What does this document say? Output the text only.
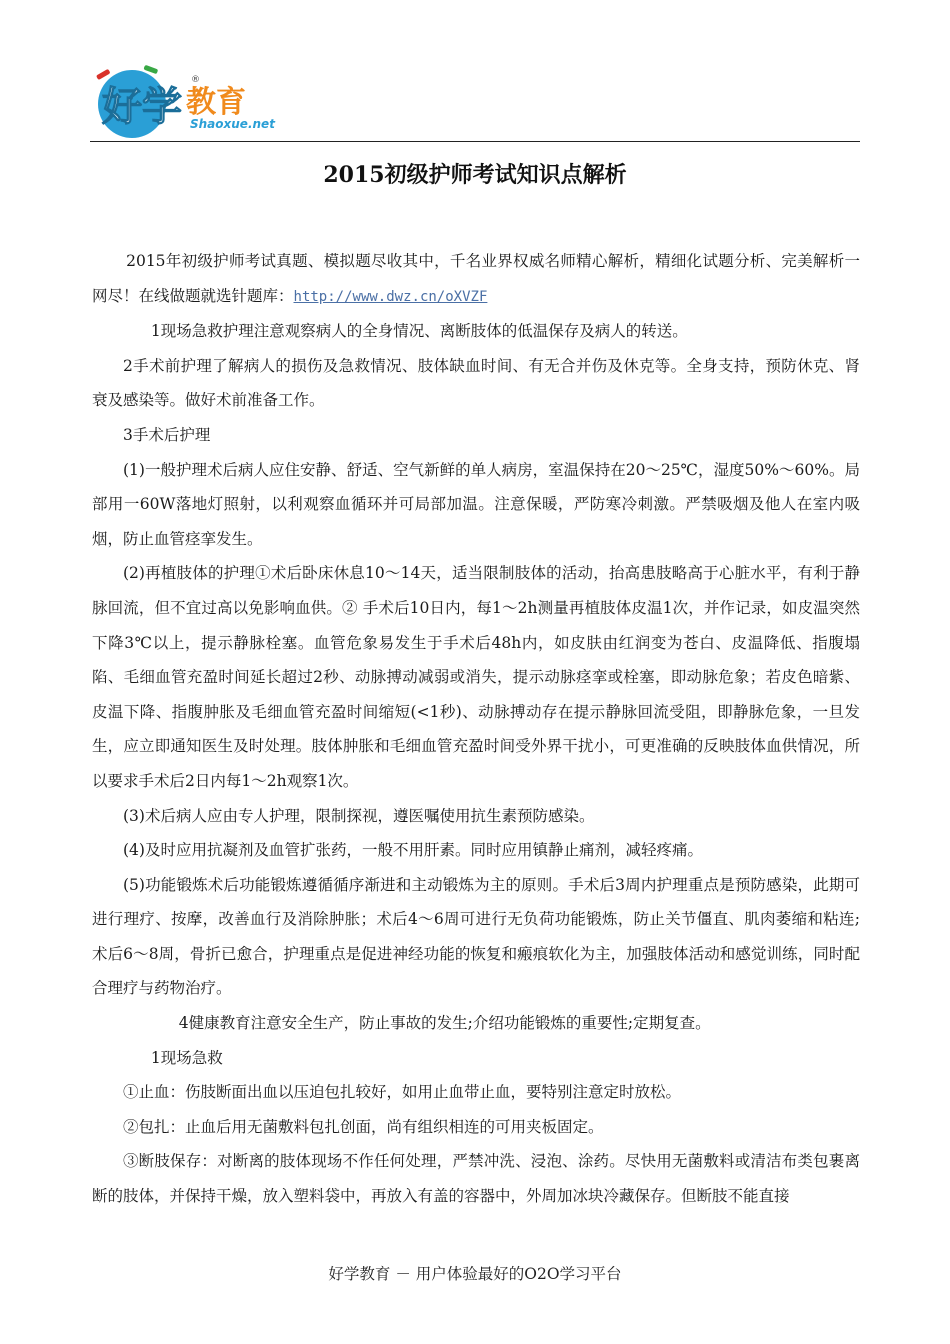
好学 教育
®
Shaoxue.net
2015初级护师考试知识点解析

2015年初级护师考试真题、模拟题尽收其中，千名业界权威名师精心解析，精细化试题分析、完美解析一网尽！在线做题就选针题库：http://www.dwz.cn/oXVZF

1现场急救护理注意观察病人的全身情况、离断肢体的低温保存及病人的转送。

2手术前护理了解病人的损伤及急救情况、肢体缺血时间、有无合并伤及休克等。全身支持，预防休克、肾衰及感染等。做好术前准备工作。

3手术后护理

(1)一般护理术后病人应住安静、舒适、空气新鲜的单人病房，室温保持在20～25℃，湿度50%～60%。局部用一60W落地灯照射，以利观察血循环并可局部加温。注意保暖，严防寒冷刺激。严禁吸烟及他人在室内吸烟，防止血管痉挛发生。

(2)再植肢体的护理①术后卧床休息10～14天，适当限制肢体的活动，抬高患肢略高于心脏水平，有利于静脉回流，但不宜过高以免影响血供。② 手术后10日内，每1～2h测量再植肢体皮温1次，并作记录，如皮温突然下降3℃以上，提示静脉栓塞。血管危象易发生于手术后48h内，如皮肤由红润变为苍白、皮温降低、指腹塌陷、毛细血管充盈时间延长超过2秒、动脉搏动减弱或消失，提示动脉痉挛或栓塞，即动脉危象；若皮色暗紫、皮温下降、指腹肿胀及毛细血管充盈时间缩短(<1秒)、动脉搏动存在提示静脉回流受阻，即静脉危象，一旦发生，应立即通知医生及时处理。肢体肿胀和毛细血管充盈时间受外界干扰小，可更准确的反映肢体血供情况，所以要求手术后2日内每1～2h观察1次。

(3)术后病人应由专人护理，限制探视，遵医嘱使用抗生素预防感染。

(4)及时应用抗凝剂及血管扩张药，一般不用肝素。同时应用镇静止痛剂，减轻疼痛。

(5)功能锻炼术后功能锻炼遵循循序渐进和主动锻炼为主的原则。手术后3周内护理重点是预防感染，此期可进行理疗、按摩，改善血行及消除肿胀；术后4～6周可进行无负荷功能锻炼，防止关节僵直、肌肉萎缩和粘连;术后6～8周，骨折已愈合，护理重点是促进神经功能的恢复和瘢痕软化为主，加强肢体活动和感觉训练，同时配合理疗与药物治疗。

4健康教育注意安全生产，防止事故的发生;介绍功能锻炼的重要性;定期复查。

1现场急救

①止血：伤肢断面出血以压迫包扎较好，如用止血带止血，要特别注意定时放松。

②包扎：止血后用无菌敷料包扎创面，尚有组织相连的可用夹板固定。

③断肢保存：对断离的肢体现场不作任何处理，严禁冲洗、浸泡、涂药。尽快用无菌敷料或清洁布类包裹离断的肢体，并保持干燥，放入塑料袋中，再放入有盖的容器中，外周加冰块冷藏保存。但断肢不能直接

好学教育 － 用户体验最好的O2O学习平台
